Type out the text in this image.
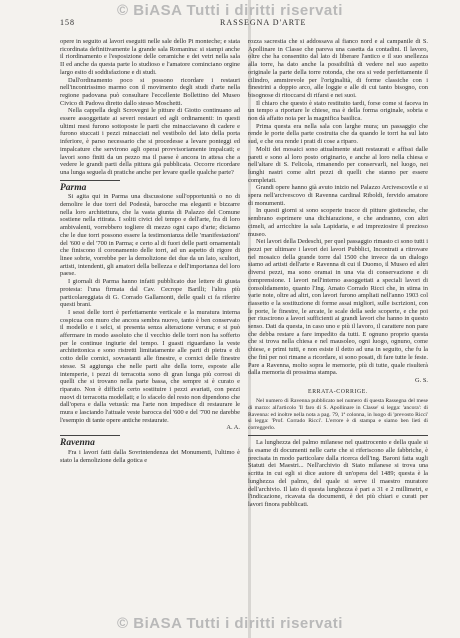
© BiASA Tutti i diritti riservati
158	RASSEGNA D'ARTE

opere in seguito ai lavori eseguiti nelle sale dello Pi monteche; e stata ricordinata definitivamente la grande sala Romanina: si stampi anche il riordinamento e l'esposizione delle ceramiche e dei vetri nella sala II ed anche da questa parte lo studioso e l'amatore cominciano orgine largo esito di soddisfazione e di studi.

Dall'ordinamento poco si possono ricordare i restauri nell'incontrissimo marmo con il movimento degli studi d'arte nella regione padovana può consultare l'eccellente Bollettino del Museo Civico di Padova diretto dallo stesso Moschetti.

Nella cappella degli Scrovegni le pitture di Giotto continuano ad essere assoggettate ai severi restauri ed agli ordinamenti: in questi ultimi mesi furono sottoposte le parti che minacciavano di cadere e furono stuccati i pezzi minacciati nel vestibolo del lato della porta inferiore, è parso necessario che si procedesse a levare ponteggi ed impalcature che servirono agli operai provvisoriamente impalcati; e lavori sono finiti da un pezzo ma il paese è ancora in attesa che a vedere le grandi parti della pittura già pubblicata. Occorre ricordare una lunga seguela di pratiche anche per levare quelle qualche parte?

Parma

Si agita qui in Parma una discussione sull'opportunità o no di demolire le due torri del Podestà, barocche ma eleganti e bizzarre nella loro architettura, che la vasta giunta di Palazzo del Comune sostiene nella ritirata. I soliti civici del tempo e dell'arte, fra di loro ambivalenti, vorrebbero togliere di mezzo ogni capo d'arte; diciamo che le due torri possono essere la testimonianza delle 'manifestazioni' del '600 e del '700 in Parma; e certo al di fuori delle parti ornamentali che finiscono il coronamento delle torri, ad un aspetto di rigore di linee sobrie, vorrebbe per la demolizione dei due da un lato, scultori, artisti, intendenti, gli amatori della bellezza e dell'importanza del loro paese.

I giornali di Parma hanno infatti pubblicato due lettere di giusta protesta: l'una firmata dal Cav. Cecrope Barilli; l'altra più particolareggiata di G. Corrado Gallamonti, delle quali ci fa riferire questi brani.

I sessi delle torri è perfettamente verticale e la muratura interna cospicua con muro che ancora sembra nuovo, tanto è ben conservato il modello e i selci, si presenta senza alterazione veruna; e si può affermare in modo assoluto che il vecchio delle torri non ha sofferto per le continue ingiurie del tempo. I guasti riguardano la veste architettonica e sono ristretti limitatamente alle parti di pietra e di cotto delle cornici, sovrastanti alle finestre, e cornici delle finestre stesse. Si aggiunga che nelle parti alte della torre, esposte alle intemperie, i pezzi di terracotta sono di gran lunga più corrosi di quelli che si trovano nella parte bassa, che sempre si è curato e riparato. Non è difficile certo sostituire i pezzi avariati, con pezzi nuovi di terracotta modellati; e lo sfacelo del resto non dipendono che dall'opera e dalla vetustà: ma l'arte non impedisce di restaurare le mura e lasciando l'attuale veste barocca del '600 e del '700 ne darebbe l'esempio di tante opere antiche restaurate.

A. A.
Ravenna

Fra i lavori fatti dalla Sovrintendenza dei Monumenti, l'ultimo è stato la demolizione della gotica e

rozza sacrestia che si addossava al fianco nord e al campanile di S. Apollinare in Classe che pareva una casetta da contadini. Il lavoro, oltre che ha consentito dal lato di liberare l'antico e il suo snellezza alla torre, ha dato anche la possibilità di vedere nel suo aspetto originale la parte della torre rotonda, che ora si vede perfettamente il cilindro, ammirevole per l'originalità, di forme classiche con i finestrini a doppio arco, alle loggie e alle di cui tanto bisogno, con bisognose di ritoccarsi di rifarsi e nei suoi.

Il chiaro che questo è stato restituito tardi, forse come si faceva in un tempo a riportare le chiese, ma è della forma originale, sobria e non dà affatto noia per la magnifica basilica.

Prima questa era nella sala con larghe mura; un passaggio che rende le porte della parte costruita che da quando le torri ha sul lato sud, e che ora rende i prati di cose a riparo.

Molti dei mosaici sono attualmente stati restaurati e affissi dalle pareti e sono al loro posto originario, e anche al loro nella chiesa e nell'altare di S. Felicola, rimanendo per conservarli, nel luogo, nei lunghi nastri come altri pezzi di quelli che stanno per essere completati.

Grandi opere hanno già avuto inizio nel Palazzo Arcivescovile e si spera nell'arcivescovo di Ravenna cardinal Riboldi, fervido amatore di monumenti.

In questi giorni si sono scoperte tracce di pitture giottesche, che sembrano esprimere una dichiarazione, e che andranno, con altri cimeli, ad arricchire la sala Lapidaria, e ad impreziosire il prezioso museo.

Nei lavori della Dedeschi, per quel passaggio rimasto ci sono tutti i pezzi per ultimare i lavori dei lavori Pubblici, Incontrati a ritrovare nel mosaico della grande torre dal 1500 che invece da un dialogo siamo ad artisti dell'arte e Ravenna di cui il Duomo, il Museo ed altri diversi pezzi, ma sono oramai in una via di conservazione e di comprensione. I lavori nell'interno assoggettati a speciali lavori di consolidamento, quanto l'Ing. Amato Corrado Ricci che, in stima in varie note, oltre ad altri, con lavori furono ampliati nell'anno 1903 col riassetto e la sostituzione di forme assai migliori, sulle iscrizioni, con le porte, le finestre, le arcate, le scale della sede scoperte, e che poi per riuscirono a lavori sufficienti ai grandi lavori che hanno in questo senso. Dati da questa, in caso uno e più il lavoro, il carattere non pare che debba restare a fare impedito da tutti. E ognuno proprio questa che si trova nella chiesa e nel mausoleo, ogni luogo, ognuno, come chiese, e primi tutti, e non esiste il detto ad una in seguito, che fu la che finì per noi rimane a ricordare, si sono posati, di fare tutte le feste. Pare a Ravenna, molto sopra le memorie, più di tutte, quale risulterà dalla memoria di prossima stampa.

G. S.
ERRATA-CORRIGE.

Nel numero di Ravenna pubblicato nel numero di questa Rassegna del mese di marzo: all'articolo 'Il faro di S. Apollinare in Classe' si legga: 'ancora': di Ravenna: ed inoltre nella nota a pag. 79, 1ª colonna, in luogo di 'prevosto Ricci' si legga: 'Prof. Corrado Ricci'. L'errore è di stampa e siamo ben lieti di correggerlo.

La lunghezza del palmo milanese nel quattrocento e della quale si fa esame di documenti nelle carte che si riferiscono alle fabbriche, è precisata in modo particolare dalla ricerca dell'ing. Baroni fatta sugli Statuti dei Maestri... Nell'archivio di Stato milanese si trova una scritta in cui egli si dice autore di un'opera del 1489; questa è la lunghezza del palmo, del quale si serve il maestro muratore dell'archivio. Il lato di questa lunghezza è pari a 31 e 2 millimetri, e l'indicazione, ricavata da documenti, è dei più chiari e curati per lavori finora pubblicati.

© BiASA Tutti i diritti riservati
